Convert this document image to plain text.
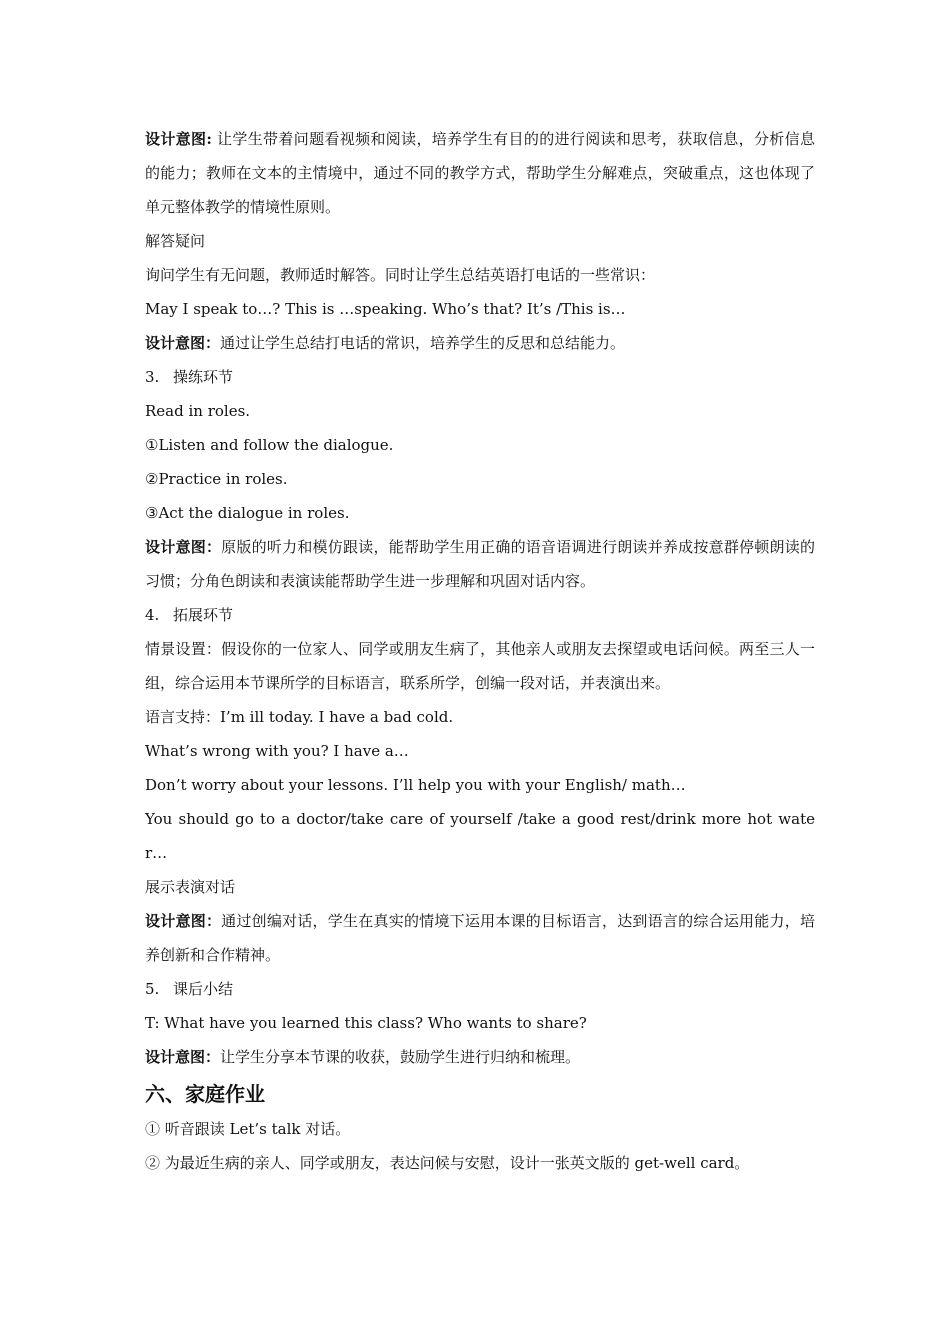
设计意图: 让学生带着问题看视频和阅读，培养学生有目的的进行阅读和思考，获取信息，分析信息的能力；教师在文本的主情境中，通过不同的教学方式，帮助学生分解难点，突破重点，这也体现了单元整体教学的情境性原则。

解答疑问

询问学生有无问题，教师适时解答。同时让学生总结英语打电话的一些常识：

May I speak to…? This is …speaking. Who’s that? It’s /This is…

设计意图：通过让学生总结打电话的常识，培养学生的反思和总结能力。

3. 操练环节

Read in roles.

①Listen and follow the dialogue.

②Practice in roles.

③Act the dialogue in roles.

设计意图：原版的听力和模仿跟读，能帮助学生用正确的语音语调进行朗读并养成按意群停顿朗读的习惯；分角色朗读和表演读能帮助学生进一步理解和巩固对话内容。

4. 拓展环节

情景设置：假设你的一位家人、同学或朋友生病了，其他亲人或朋友去探望或电话问候。两至三人一组，综合运用本节课所学的目标语言，联系所学，创编一段对话，并表演出来。

语言支持：I’m ill today. I have a bad cold.

What’s wrong with you? I have a…

Don’t worry about your lessons. I’ll help you with your English/ math…

You should go to a doctor/take care of yourself /take a good rest/drink more hot water…

展示表演对话

设计意图：通过创编对话，学生在真实的情境下运用本课的目标语言，达到语言的综合运用能力，培养创新和合作精神。

5. 课后小结

T: What have you learned this class? Who wants to share?

设计意图：让学生分享本节课的收获，鼓励学生进行归纳和梳理。

六、家庭作业

① 听音跟读 Let’s talk 对话。

② 为最近生病的亲人、同学或朋友，表达问候与安慰，设计一张英文版的 get-well card。
